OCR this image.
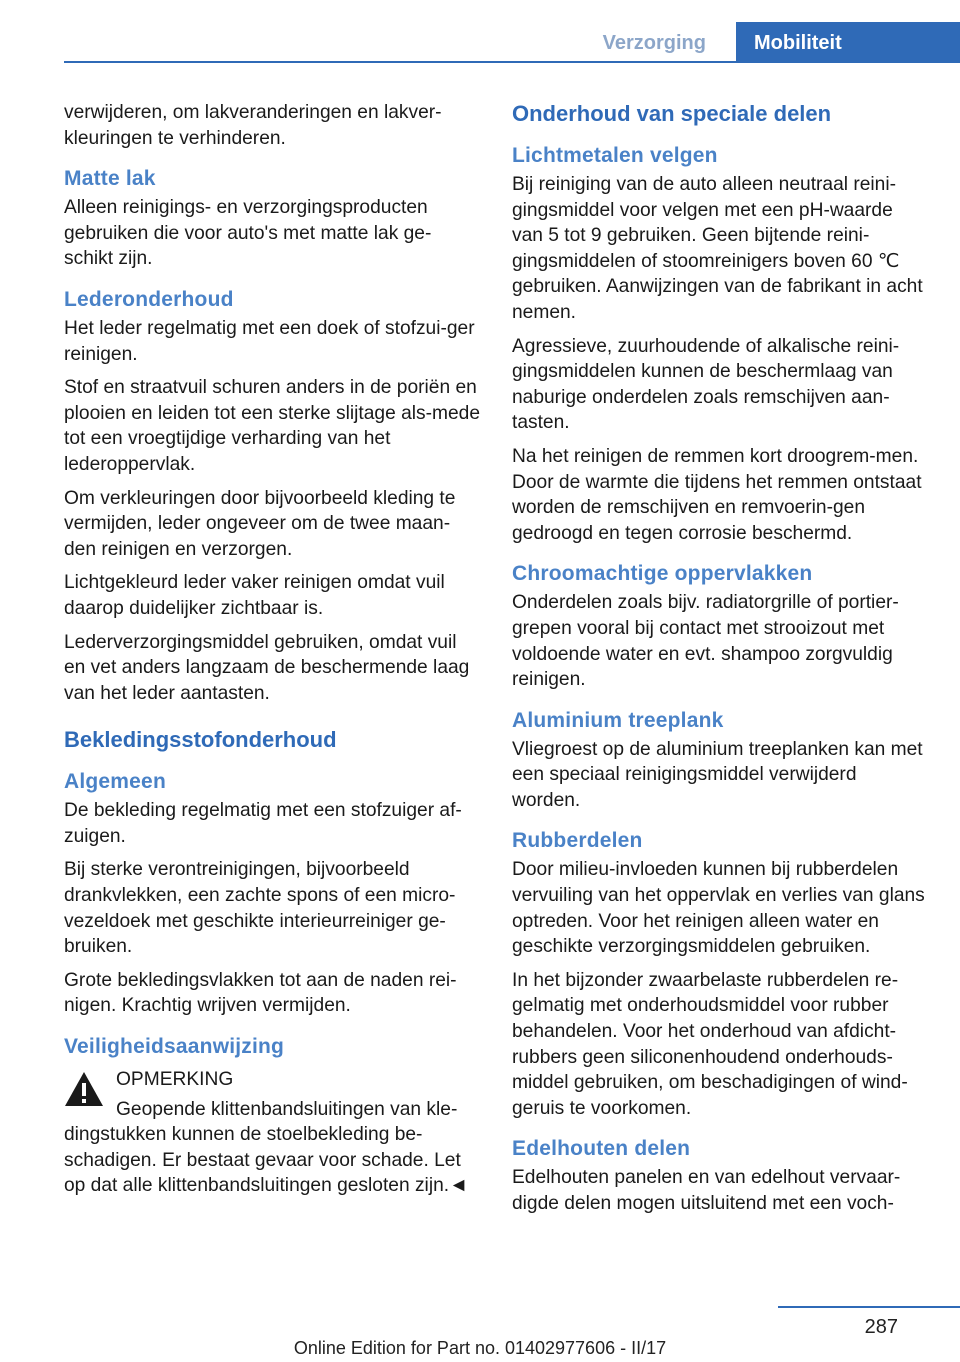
Verzorging	Mobiliteit

verwijderen, om lakveranderingen en lakver-kleuringen te verhinderen.

Matte lak

Alleen reinigings- en verzorgingsproducten gebruiken die voor auto's met matte lak ge-schikt zijn.

Lederonderhoud

Het leder regelmatig met een doek of stofzui-ger reinigen.

Stof en straatvuil schuren anders in de poriën en plooien en leiden tot een sterke slijtage als-mede tot een vroegtijdige verharding van het lederoppervlak.

Om verkleuringen door bijvoorbeeld kleding te vermijden, leder ongeveer om de twee maan-den reinigen en verzorgen.

Lichtgekleurd leder vaker reinigen omdat vuil daarop duidelijker zichtbaar is.

Lederverzorgingsmiddel gebruiken, omdat vuil en vet anders langzaam de beschermende laag van het leder aantasten.

Bekledingsstofonderhoud
Algemeen

De bekleding regelmatig met een stofzuiger af-zuigen.

Bij sterke verontreinigingen, bijvoorbeeld drankvlekken, een zachte spons of een micro-vezeldoek met geschikte interieurreiniger ge-bruiken.

Grote bekledingsvlakken tot aan de naden rei-nigen. Krachtig wrijven vermijden.

Veiligheidsaanwijzing
OPMERKING

Geopende klittenbandsluitingen van kle-dingstukken kunnen de stoelbekleding be-schadigen. Er bestaat gevaar voor schade. Let op dat alle klittenbandsluitingen gesloten zijn.◄

Onderhoud van speciale delen
Lichtmetalen velgen

Bij reiniging van de auto alleen neutraal reini-gingsmiddel voor velgen met een pH-waarde van 5 tot 9 gebruiken. Geen bijtende reini-gingsmiddelen of stoomreinigers boven 60 ℃ gebruiken. Aanwijzingen van de fabrikant in acht nemen.

Agressieve, zuurhoudende of alkalische reini-gingsmiddelen kunnen de beschermlaag van naburige onderdelen zoals remschijven aan-tasten.

Na het reinigen de remmen kort droogrem-men. Door de warmte die tijdens het remmen ontstaat worden de remschijven en remvoerin-gen gedroogd en tegen corrosie beschermd.

Chroomachtige oppervlakken

Onderdelen zoals bijv. radiatorgrille of portier-grepen vooral bij contact met strooizout met voldoende water en evt. shampoo zorgvuldig reinigen.

Aluminium treeplank

Vliegroest op de aluminium treeplanken kan met een speciaal reinigingsmiddel verwijderd worden.

Rubberdelen

Door milieu-invloeden kunnen bij rubberdelen vervuiling van het oppervlak en verlies van glans optreden. Voor het reinigen alleen water en geschikte verzorgingsmiddelen gebruiken.

In het bijzonder zwaarbelaste rubberdelen re-gelmatig met onderhoudsmiddel voor rubber behandelen. Voor het onderhoud van afdicht-rubbers geen siliconenhoudend onderhouds-middel gebruiken, om beschadigingen of wind-geruis te voorkomen.

Edelhouten delen

Edelhouten panelen en van edelhout vervaar-digde delen mogen uitsluitend met een voch-

287
Online Edition for Part no. 01402977606 - II/17
